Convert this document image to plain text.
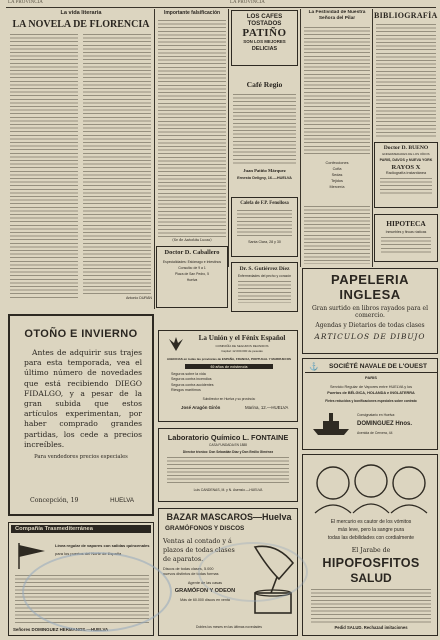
LA PROVINCIA	LA PROVINCIA
La vida literaria
LA NOVELA DE FLORENCIA
Antonio DURÁN
Importante falsificación
(Se de Antoñita Lucas)
Doctor D. Caballero
Especialidades: Estómago e Intestinos
Consulta: de 9 a 1
Plaza de San Pedro, 5
Huelva
LOS CAFES
TOSTADOS
PATIÑO
SON LOS MEJORES
DELICIAS
Café Regio
Juan Patiño Márquez
Ernesto Deligny, 16.—HUELVA
Calefa de F.P. Fenollosa
Santa Clara, 28 y 30
Dr. S. Gutiérrez Díez
Enfermedades del pecho y corazón
La Festividad de Nuestra Señora del Pilar
Confecciones
Cofia
Sedas
Tejidos
Mercería
BIBLIOGRAFÍA
Doctor D. BUENO
ENFERMEDADES DE LOS OÍDOS
PARIS, DAVOS y NUEVA YORK
RAYOS X
Radiografía instantánea
HIPOTECA
Inmuebles y fincas rústicas
PAPELERIA INGLESA
Gran surtido en libros rayados para el
comercio.
Agendas y Dietarios de todas clases
ARTICULOS DE DIBUJO
OTOÑO E INVIERNO
Antes de adquirir sus trajes para esta temporada, vea el último número de novedades que está recibiendo DIEGO FIDALGO, y a pesar de la gran subida que estos artículos experimentan, por haber comprado grandes partidas, los cede a precios increíbles.
Para vendedores precios especiales
Concepción, 19	HUELVA
La Unión y el Fénix Español
COMPAÑÍA DE SEGUROS REUNIDOS
Capital: 12.000.000 de pesetas
AGENCIAS en todas las provincias de ESPAÑA, FRANCIA, PORTUGAL Y MARRUECOS
60 años de existencia
Seguros sobre la vida
Seguros contra incendios
Seguros contra accidentes
Riesgos marítimos
Subdirector en Huelva y su provincia:
José Aragón Girón	Marina, 12.—HUELVA
Laboratorio Químico L. FONTAINE
CASA FUNDADA EN 1888
Director técnico: Don Sebastián Díaz y Don Emilio Giménez
Luis CANDENAS, M. y N. Asensio.—HUELVA
BAZAR MASCAROS—Huelva
GRAMÓFONOS Y DISCOS
Ventas al contado y á
plazos de todas clases
de aparatos.
Discos de todas clases, 5.000
nuevos distintos de todas formas
Agente de las casas
GRAMÓFON Y ODEON
Más de 60.000 discos en venta
Dobles los meses en las últimas novedades
⚓	SOCIÉTÉ NAVALE DE L'OUEST
PARIS
Servicio Regular de Vapores entre HUELVA y los
Puertos de BÉLGICA, HOLANDA e INGLATERRA
Fletes reducidos y bonificaciones especiales sobre contrato
Consignatario en Huelva:
DOMINGUEZ Hnos.
Avenida de Cervera, 44
Compañía Trasmediterránea
Línea regular de vapores con salidas quincenales
para los puertos del Norte de España
Señores DOMINGUEZ HERMANOS.—HUELVA
El mercurio es cautor de los vómitos
más leve, pero la sangre pura
todas las debilidades con cordialmente
El Jarabe de
HIPOFOSFITOS
SALUD
Pedid SALUD. Rechazad imitaciones
